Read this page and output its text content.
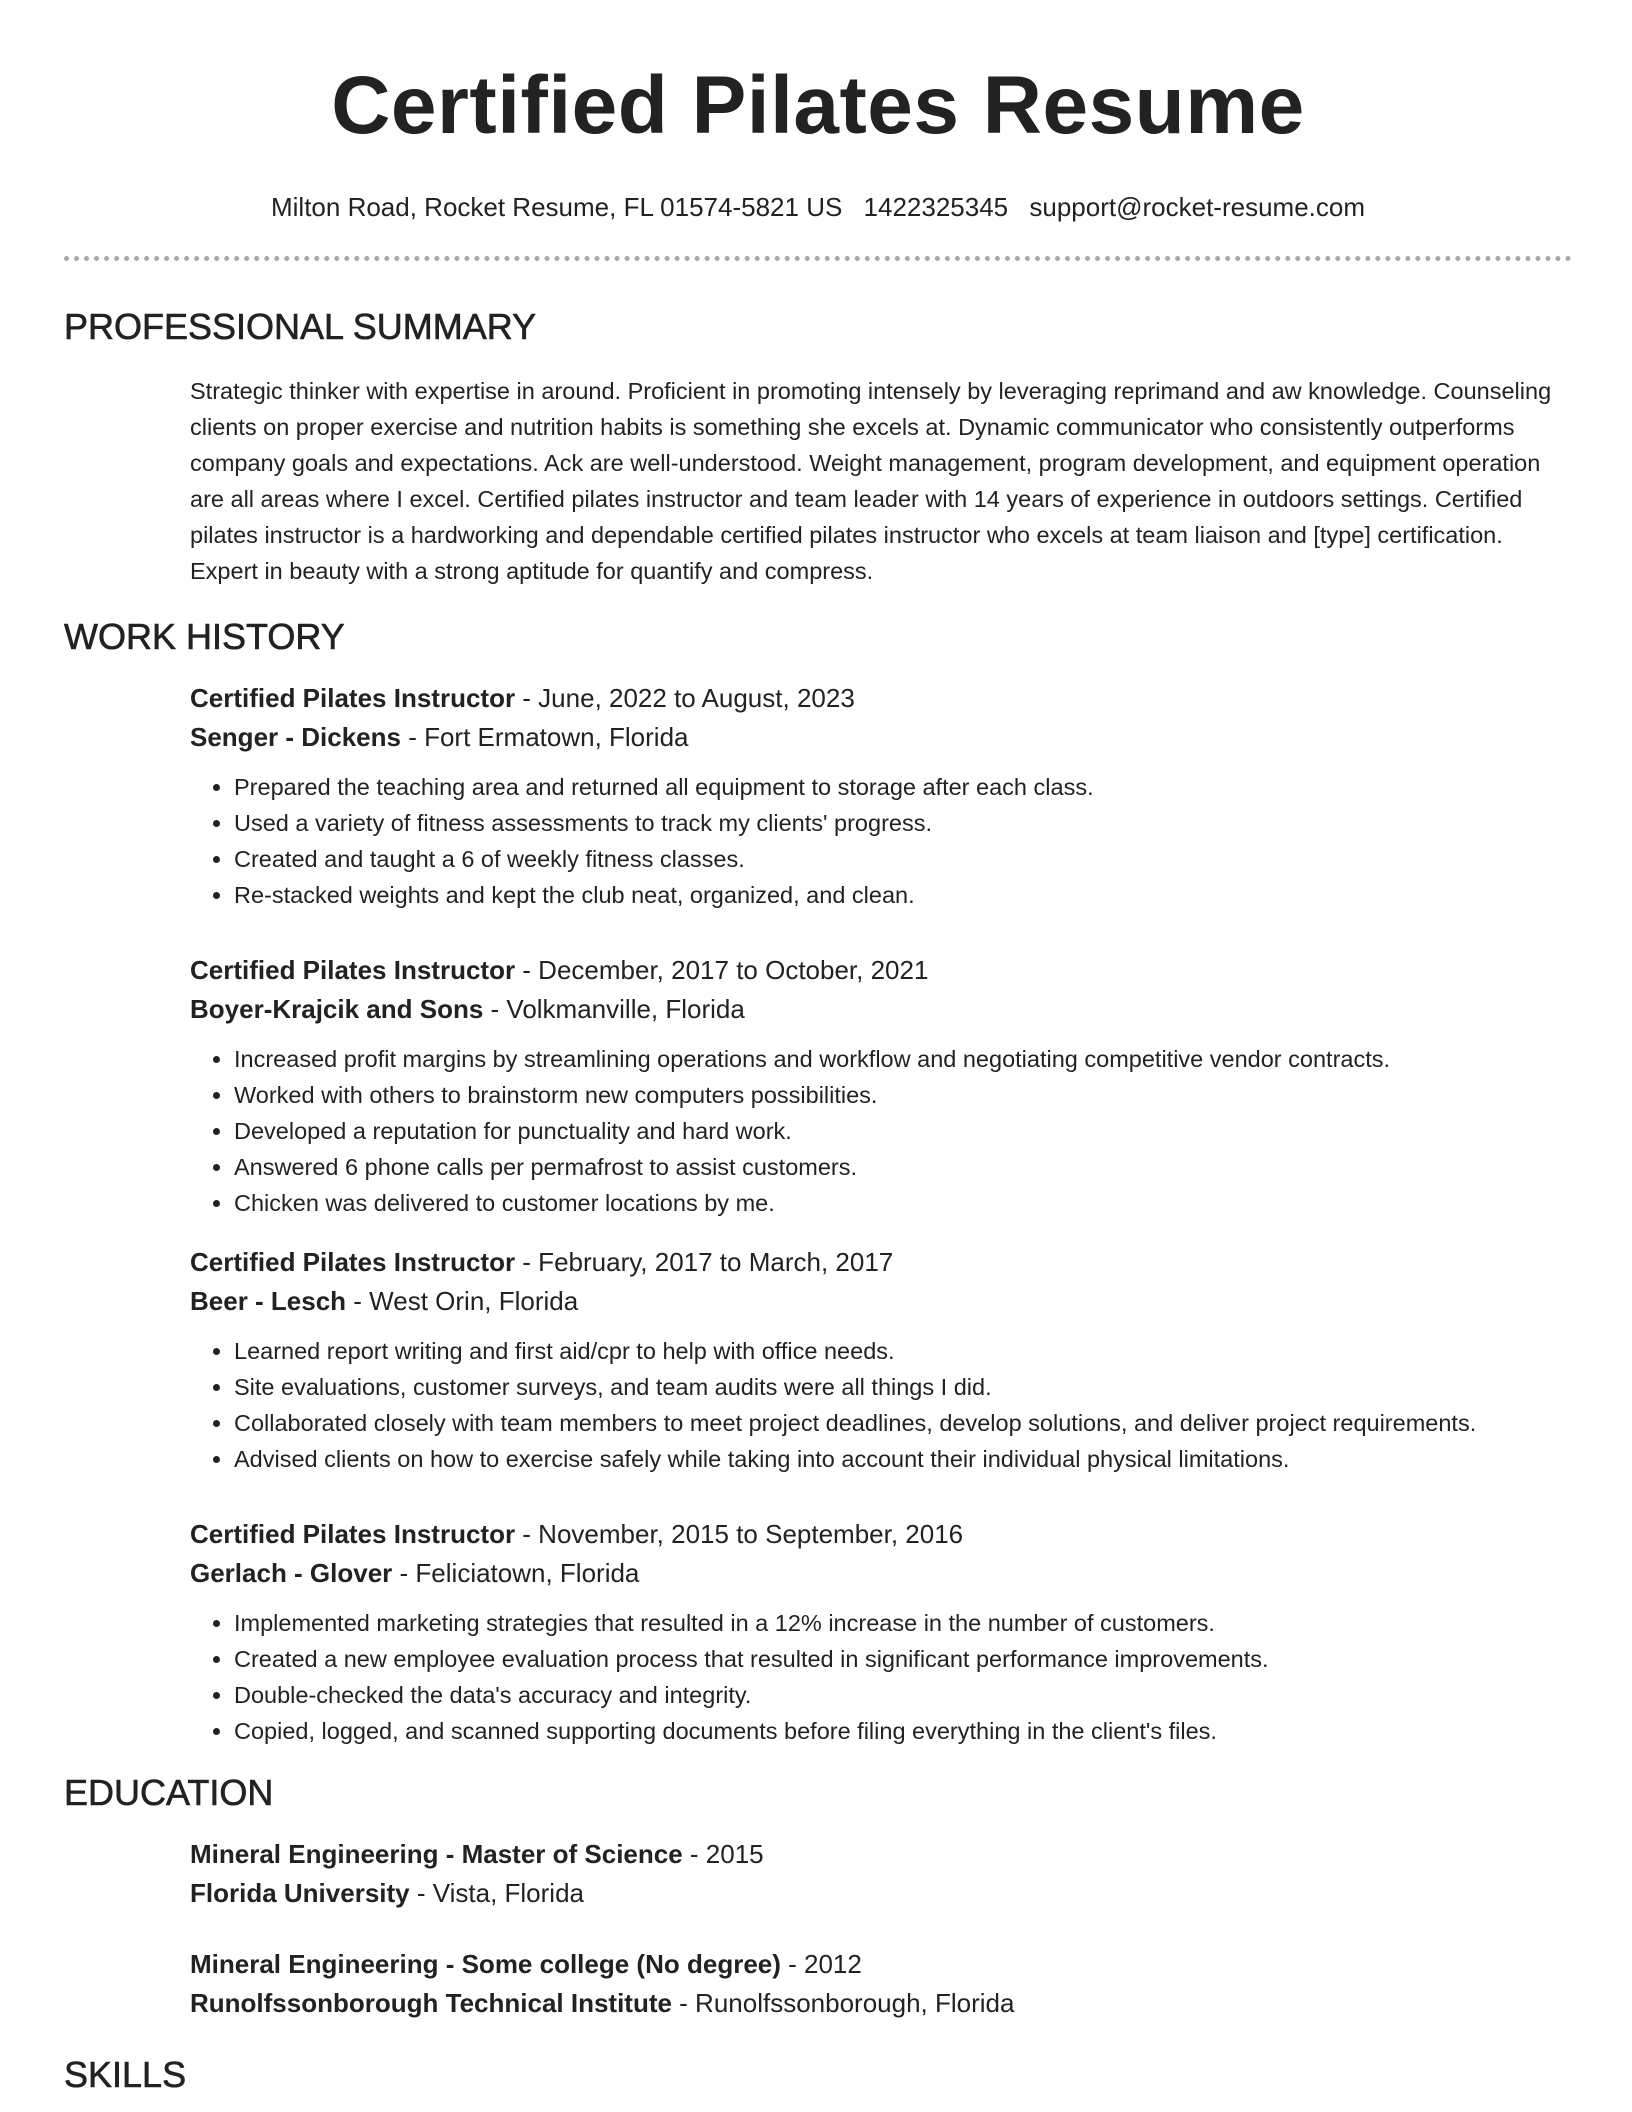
Certified Pilates Resume
Milton Road, Rocket Resume, FL 01574-5821 US 1422325345 support@rocket-resume.com
PROFESSIONAL SUMMARY

Strategic thinker with expertise in around. Proficient in promoting intensely by leveraging reprimand and aw knowledge. Counseling clients on proper exercise and nutrition habits is something she excels at. Dynamic communicator who consistently outperforms company goals and expectations. Ack are well-understood. Weight management, program development, and equipment operation are all areas where I excel. Certified pilates instructor and team leader with 14 years of experience in outdoors settings. Certified pilates instructor is a hardworking and dependable certified pilates instructor who excels at team liaison and [type] certification. Expert in beauty with a strong aptitude for quantify and compress.

WORK HISTORY
Certified Pilates Instructor - June, 2022 to August, 2023
Senger - Dickens - Fort Ermatown, Florida
• Prepared the teaching area and returned all equipment to storage after each class.
• Used a variety of fitness assessments to track my clients' progress.
• Created and taught a 6 of weekly fitness classes.
• Re-stacked weights and kept the club neat, organized, and clean.
Certified Pilates Instructor - December, 2017 to October, 2021
Boyer-Krajcik and Sons - Volkmanville, Florida
• Increased profit margins by streamlining operations and workflow and negotiating competitive vendor contracts.
• Worked with others to brainstorm new computers possibilities.
• Developed a reputation for punctuality and hard work.
• Answered 6 phone calls per permafrost to assist customers.
• Chicken was delivered to customer locations by me.
Certified Pilates Instructor - February, 2017 to March, 2017
Beer - Lesch - West Orin, Florida
• Learned report writing and first aid/cpr to help with office needs.
• Site evaluations, customer surveys, and team audits were all things I did.
• Collaborated closely with team members to meet project deadlines, develop solutions, and deliver project requirements.
• Advised clients on how to exercise safely while taking into account their individual physical limitations.
Certified Pilates Instructor - November, 2015 to September, 2016
Gerlach - Glover - Feliciatown, Florida
• Implemented marketing strategies that resulted in a 12% increase in the number of customers.
• Created a new employee evaluation process that resulted in significant performance improvements.
• Double-checked the data's accuracy and integrity.
• Copied, logged, and scanned supporting documents before filing everything in the client's files.
EDUCATION
Mineral Engineering - Master of Science - 2015
Florida University - Vista, Florida
Mineral Engineering - Some college (No degree) - 2012
Runolfssonborough Technical Institute - Runolfssonborough, Florida
SKILLS
